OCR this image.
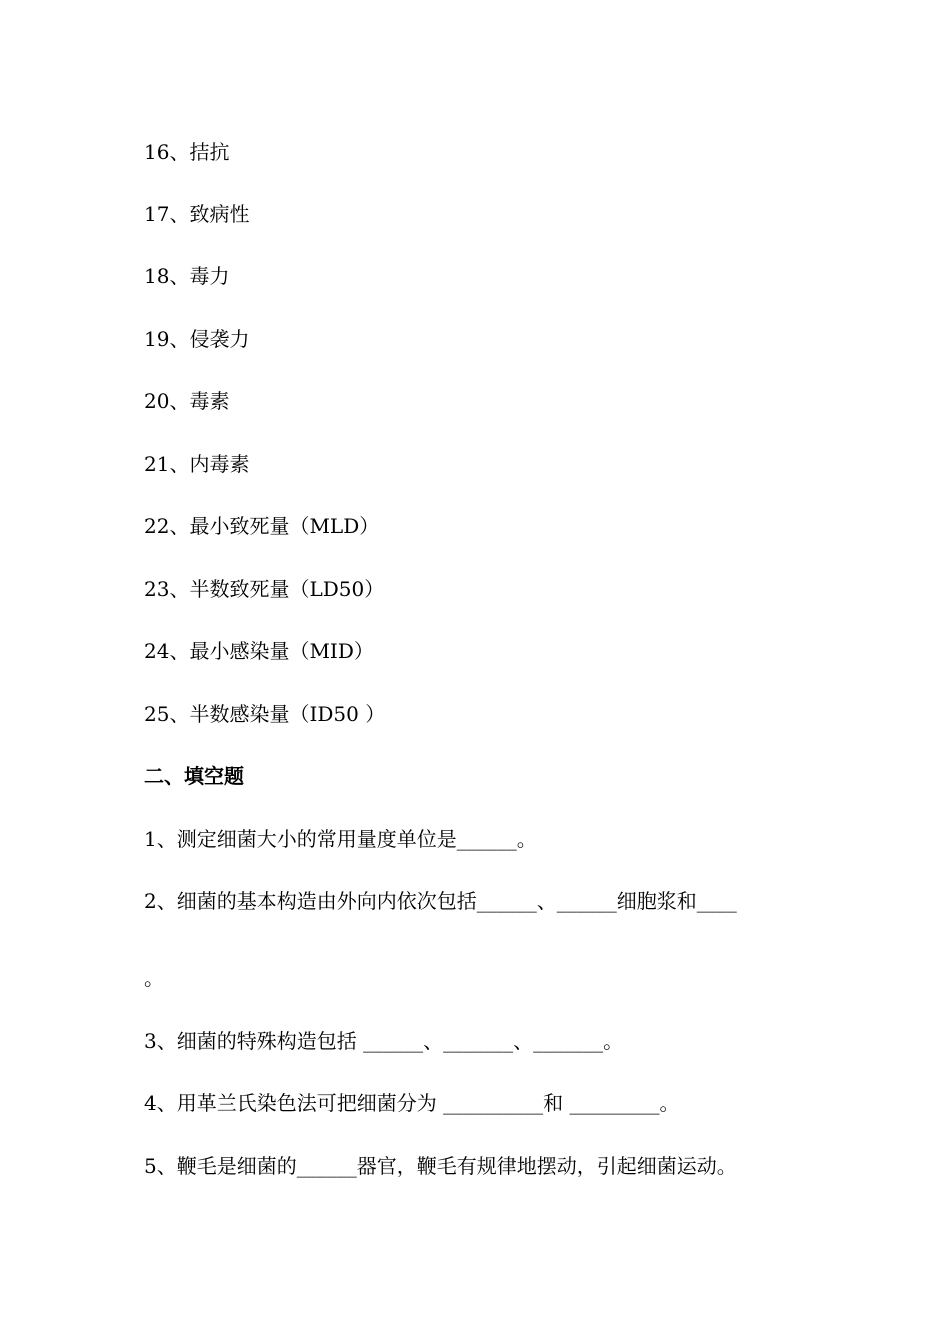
16、拮抗
17、致病性
18、毒力
19、侵袭力
20、毒素
21、内毒素
22、最小致死量（MLD）
23、半数致死量（LD50）
24、最小感染量（MID）
25、半数感染量（ID50 ）
二、填空题
1、测定细菌大小的常用量度单位是______。
2、细菌的基本构造由外向内依次包括______、______细胞浆和____
。
3、细菌的特殊构造包括 ______、_______、_______。
4、用革兰氏染色法可把细菌分为 __________和 _________。
5、鞭毛是细菌的______器官，鞭毛有规律地摆动，引起细菌运动。
